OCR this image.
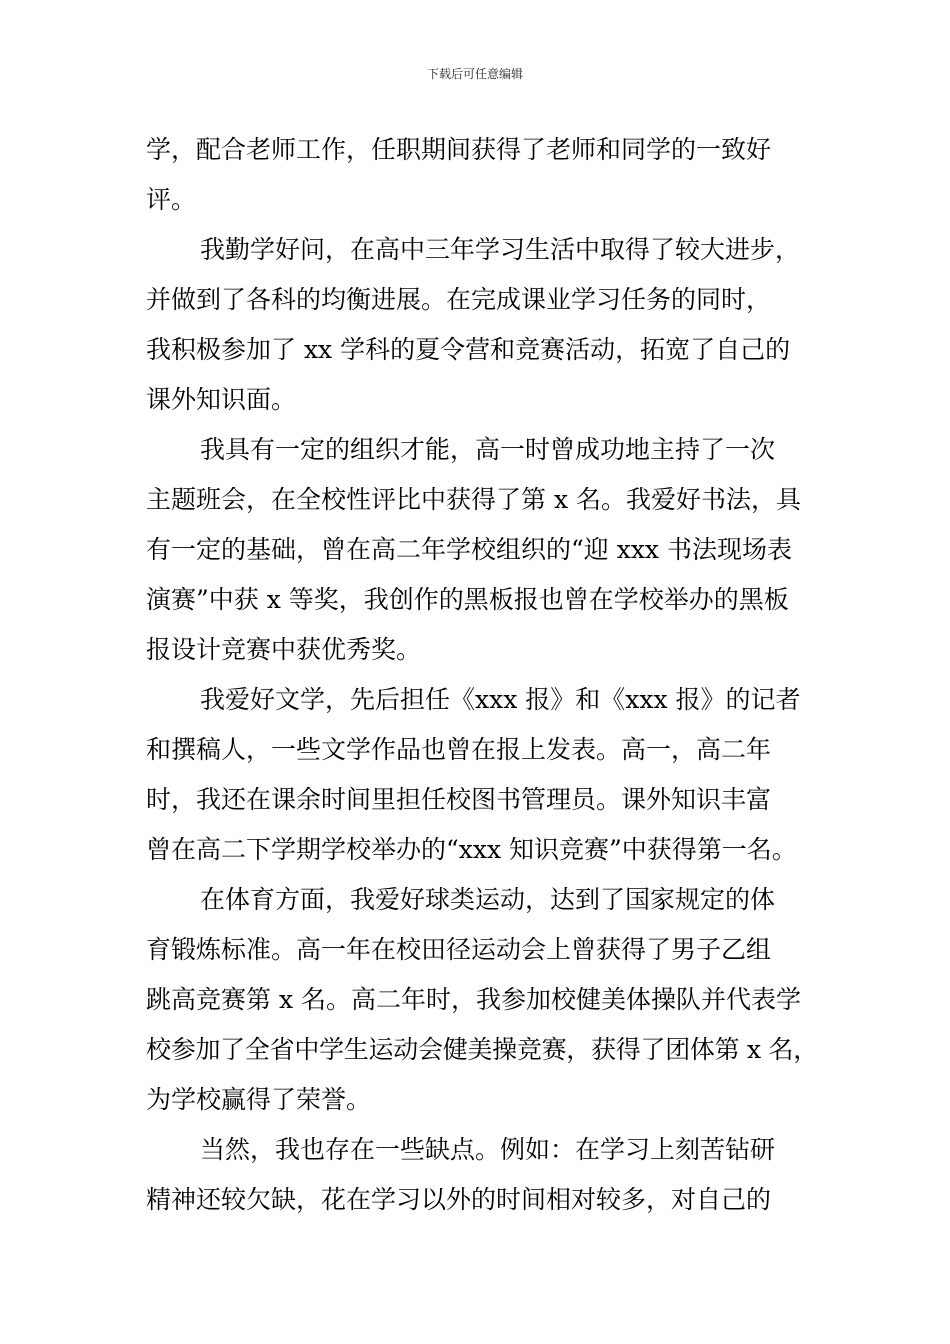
下载后可任意编辑
学，配合老师工作，任职期间获得了老师和同学的一致好
评。
我勤学好问，在高中三年学习生活中取得了较大进步，
并做到了各科的均衡进展。在完成课业学习任务的同时，
我积极参加了 xx 学科的夏令营和竞赛活动，拓宽了自己的
课外知识面。
我具有一定的组织才能，高一时曾成功地主持了一次
主题班会，在全校性评比中获得了第 x 名。我爱好书法，具
有一定的基础，曾在高二年学校组织的“迎 xxx 书法现场表
演赛”中获 x 等奖，我创作的黑板报也曾在学校举办的黑板
报设计竞赛中获优秀奖。
我爱好文学，先后担任《xxx 报》和《xxx 报》的记者
和撰稿人，一些文学作品也曾在报上发表。高一，高二年
时，我还在课余时间里担任校图书管理员。课外知识丰富
曾在高二下学期学校举办的“xxx 知识竞赛”中获得第一名。
在体育方面，我爱好球类运动，达到了国家规定的体
育锻炼标准。高一年在校田径运动会上曾获得了男子乙组
跳高竞赛第 x 名。高二年时，我参加校健美体操队并代表学
校参加了全省中学生运动会健美操竞赛，获得了团体第 x 名，
为学校赢得了荣誉。
当然，我也存在一些缺点。例如：在学习上刻苦钻研
精神还较欠缺，花在学习以外的时间相对较多，对自己的
